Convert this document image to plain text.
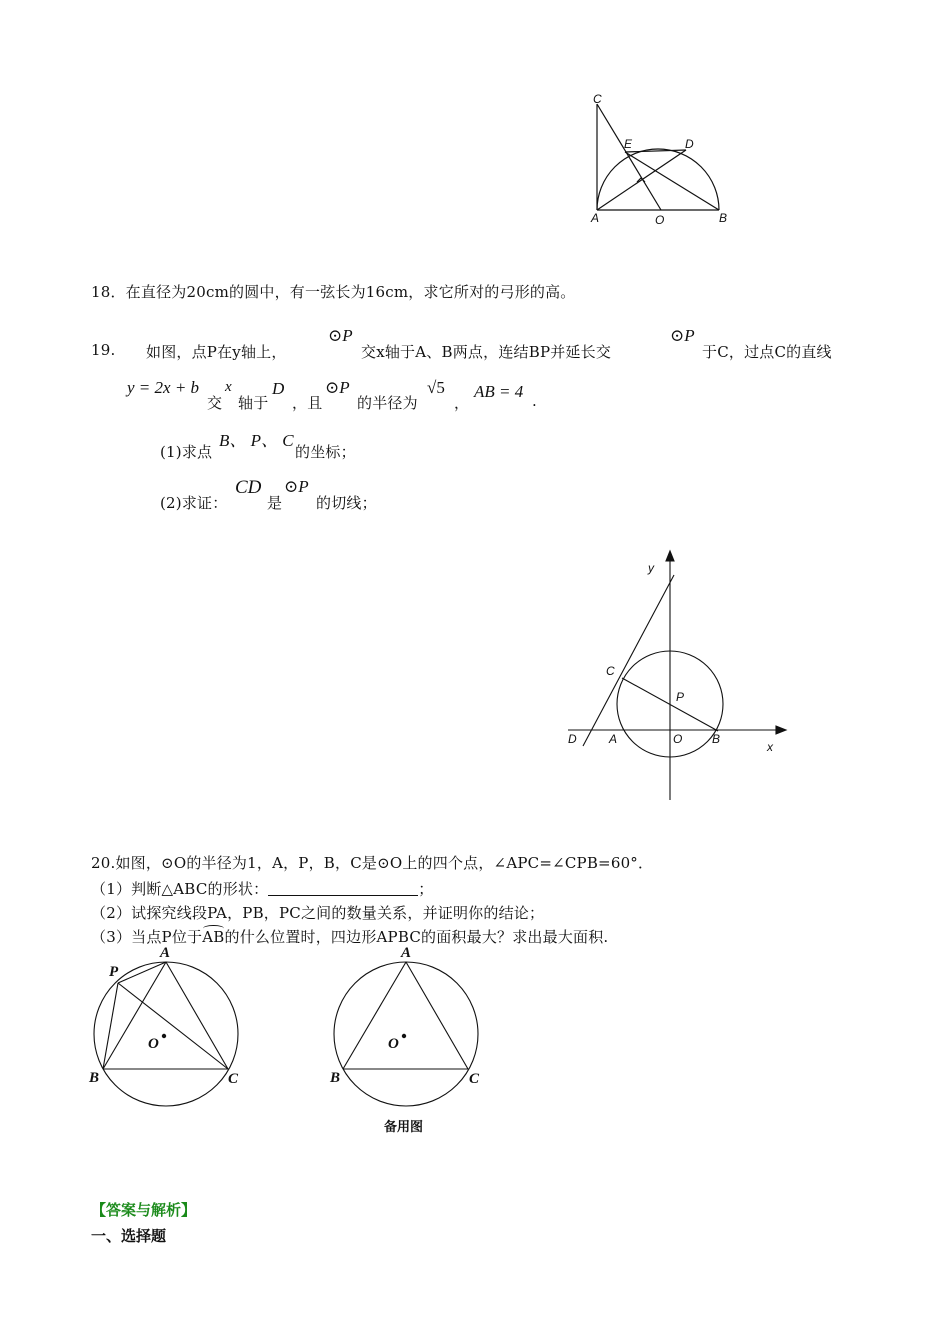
C
E	D
A	O	B
18．在直径为20cm的圆中，有一弦长为16cm，求它所对的弓形的高。
19. 如图，点P在y轴上，
⊙P
交x轴于A、B两点，连结BP并延长交
⊙P
于C，过点C的直线
y = 2x + b
交
x
轴于
D
，且
⊙P
的半径为
√5
，
AB = 4 .
(1)求点
B、 P、 C
的坐标；
(2)求证：
CD
是
⊙P
的切线；
y
C
P
D	A	O B
x
20.如图，⊙O的半径为1，A，P，B，C是⊙O上的四个点，∠APC=∠CPB=60°．
（1）判断△ABC的形状：	；
（2）试探究线段PA，PB，PC之间的数量关系，并证明你的结论；
（3）当点P位于AB的什么位置时，四边形APBC的面积最大？求出最大面积.
P
A
O
B	C
A
O
B	C
备用图
【答案与解析】
一、选择题
